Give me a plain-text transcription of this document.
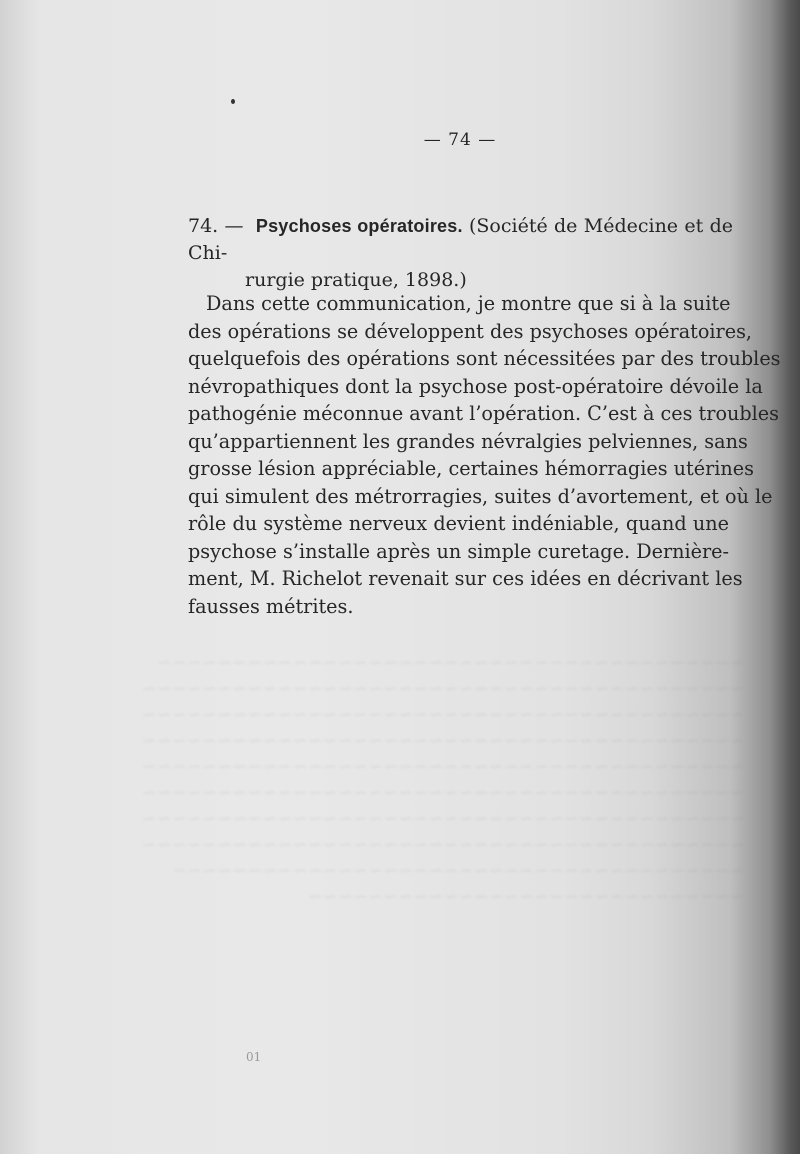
~~~~~~~~~~~~~~~~~~~~~~~~~~~~~~~~~~~~~~~
~~~~~~~~~~~~~~~~~~~~~~~~~~~~~~~~~~~~~~~~
~~~~~~~~~~~~~~~~~~~~~~~~~~~~~~~~~~~~~~~~
~~~~~~~~~~~~~~~~~~~~~~~~~~~~~~~~~~~~~~~~
~~~~~~~~~~~~~~~~~~~~~~~~~~~~~~~~~~~~~~~~
~~~~~~~~~~~~~~~~~~~~~~~~~~~~~~~~~~~~~~~~
~~~~~~~~~~~~~~~~~~~~~~~~~~~~~~~~~~~~~~~~
~~~~~~~~~~~~~~~~~~~~~~~~~~~~~~~~~~~~~~~~
~~~~~~~~~~~~~~~~~~~~~~~~~~~~~~~~~~~~~~
~~~~~~~~~~~~~~~~~~~~~~~~~~~~~
— 74 —
74. — Psychoses opératoires. (Société de Médecine et de Chi-
rurgie pratique, 1898.)
Dans cette communication, je montre que si à la suite
des opérations se développent des psychoses opératoires,
quelquefois des opérations sont nécessitées par des troubles
névropathiques dont la psychose post-opératoire dévoile la
pathogénie méconnue avant l’opération. C’est à ces troubles
qu’appartiennent les grandes névralgies pelviennes, sans
grosse lésion appréciable, certaines hémorragies utérines
qui simulent des métrorragies, suites d’avortement, et où le
rôle du système nerveux devient indéniable, quand une
psychose s’installe après un simple curetage. Dernière-
ment, M. Richelot revenait sur ces idées en décrivant les
fausses métrites.
01
